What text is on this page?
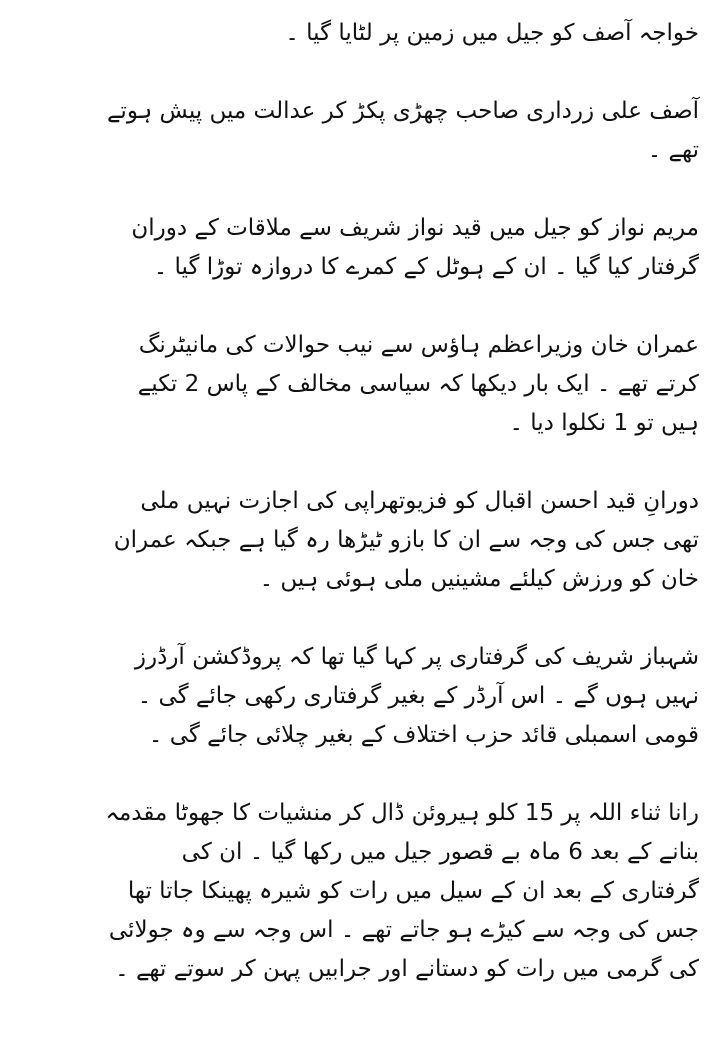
خواجہ آصف کو جیل میں زمین پر لٹایا گیا ۔

آصف علی زرداری صاحب چھڑی پکڑ کر عدالت میں پیش ہوتے
تھے ۔

مریم نواز کو جیل میں قید نواز شریف سے ملاقات کے دوران
گرفتار کیا گیا ۔ ان کے ہوٹل کے کمرے کا دروازہ توڑا گیا ۔

عمران خان وزیراعظم ہاؤس سے نیب حوالات کی مانیٹرنگ
کرتے تھے ۔ ایک بار دیکھا کہ سیاسی مخالف کے پاس 2 تکیے
ہیں تو 1 نکلوا دیا ۔

دورانِ قید احسن اقبال کو فزیوتھراپی کی اجازت نہیں ملی
تھی جس کی وجہ سے ان کا بازو ٹیڑھا رہ گیا ہے جبکہ عمران
خان کو ورزش کیلئے مشینیں ملی ہوئی ہیں ۔

شہباز شریف کی گرفتاری پر کہا گیا تھا کہ پروڈکشن آرڈرز
نہیں ہوں گے ۔ اس آرڈر کے بغیر گرفتاری رکھی جائے گی ۔
قومی اسمبلی قائد حزب اختلاف کے بغیر چلائی جائے گی ۔

رانا ثناء اللہ پر 15 کلو ہیروئن ڈال کر منشیات کا جھوٹا مقدمہ
بنانے کے بعد 6 ماہ بے قصور جیل میں رکھا گیا ۔ ان کی
گرفتاری کے بعد ان کے سیل میں رات کو شیرہ پھینکا جاتا تھا
جس کی وجہ سے کیڑے ہو جاتے تھے ۔ اس وجہ سے وہ جولائی
کی گرمی میں رات کو دستانے اور جرابیں پہن کر سوتے تھے ۔
